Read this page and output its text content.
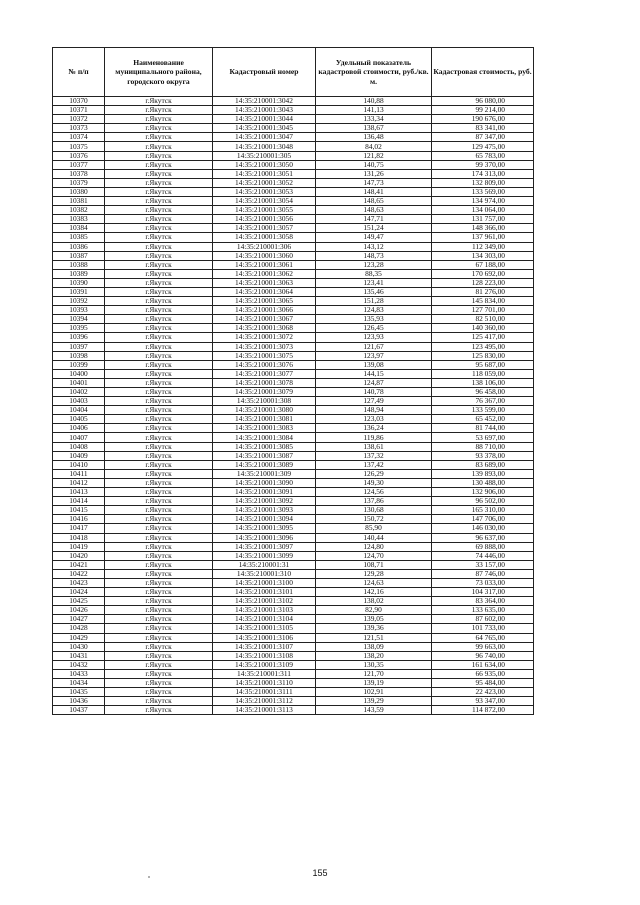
№ п/п	Наименование муниципального района, городского округа	Кадастровый номер	Удельный показатель кадастровой стоимости, руб./кв. м.	Кадастровая стоимость, руб.
10370	г.Якутск	14:35:210001:3042	140,88	96 080,00
10371	г.Якутск	14:35:210001:3043	141,13	99 214,00
10372	г.Якутск	14:35:210001:3044	133,34	190 676,00
10373	г.Якутск	14:35:210001:3045	138,67	83 341,00
10374	г.Якутск	14:35:210001:3047	136,48	87 347,00
10375	г.Якутск	14:35:210001:3048	84,02	129 475,00
10376	г.Якутск	14:35:210001:305	121,82	65 783,00
10377	г.Якутск	14:35:210001:3050	140,75	99 370,00
10378	г.Якутск	14:35:210001:3051	131,26	174 313,00
10379	г.Якутск	14:35:210001:3052	147,73	132 809,00
10380	г.Якутск	14:35:210001:3053	148,41	133 569,00
10381	г.Якутск	14:35:210001:3054	148,65	134 974,00
10382	г.Якутск	14:35:210001:3055	148,63	134 064,00
10383	г.Якутск	14:35:210001:3056	147,71	131 757,00
10384	г.Якутск	14:35:210001:3057	151,24	148 366,00
10385	г.Якутск	14:35:210001:3058	149,47	137 961,00
10386	г.Якутск	14:35:210001:306	143,12	112 349,00
10387	г.Якутск	14:35:210001:3060	148,73	134 303,00
10388	г.Якутск	14:35:210001:3061	123,28	67 188,00
10389	г.Якутск	14:35:210001:3062	88,35	170 692,00
10390	г.Якутск	14:35:210001:3063	123,41	128 223,00
10391	г.Якутск	14:35:210001:3064	135,46	81 276,00
10392	г.Якутск	14:35:210001:3065	151,28	145 834,00
10393	г.Якутск	14:35:210001:3066	124,83	127 701,00
10394	г.Якутск	14:35:210001:3067	135,93	82 510,00
10395	г.Якутск	14:35:210001:3068	126,45	140 360,00
10396	г.Якутск	14:35:210001:3072	123,93	125 417,00
10397	г.Якутск	14:35:210001:3073	121,67	123 495,00
10398	г.Якутск	14:35:210001:3075	123,97	125 830,00
10399	г.Якутск	14:35:210001:3076	139,08	95 687,00
10400	г.Якутск	14:35:210001:3077	144,15	118 059,00
10401	г.Якутск	14:35:210001:3078	124,87	138 106,00
10402	г.Якутск	14:35:210001:3079	140,78	96 458,00
10403	г.Якутск	14:35:210001:308	127,49	76 367,00
10404	г.Якутск	14:35:210001:3080	148,94	133 599,00
10405	г.Якутск	14:35:210001:3081	123,03	65 452,00
10406	г.Якутск	14:35:210001:3083	136,24	81 744,00
10407	г.Якутск	14:35:210001:3084	119,86	53 697,00
10408	г.Якутск	14:35:210001:3085	138,61	88 710,00
10409	г.Якутск	14:35:210001:3087	137,32	93 378,00
10410	г.Якутск	14:35:210001:3089	137,42	83 689,00
10411	г.Якутск	14:35:210001:309	126,29	139 893,00
10412	г.Якутск	14:35:210001:3090	149,30	130 488,00
10413	г.Якутск	14:35:210001:3091	124,56	132 906,00
10414	г.Якутск	14:35:210001:3092	137,86	96 502,00
10415	г.Якутск	14:35:210001:3093	130,68	165 310,00
10416	г.Якутск	14:35:210001:3094	150,72	147 706,00
10417	г.Якутск	14:35:210001:3095	85,90	146 030,00
10418	г.Якутск	14:35:210001:3096	140,44	96 637,00
10419	г.Якутск	14:35:210001:3097	124,80	69 888,00
10420	г.Якутск	14:35:210001:3099	124,70	74 446,00
10421	г.Якутск	14:35:210001:31	108,71	33 157,00
10422	г.Якутск	14:35:210001:310	129,28	87 746,00
10423	г.Якутск	14:35:210001:3100	124,63	73 033,00
10424	г.Якутск	14:35:210001:3101	142,16	104 317,00
10425	г.Якутск	14:35:210001:3102	138,02	83 364,00
10426	г.Якутск	14:35:210001:3103	82,90	133 635,00
10427	г.Якутск	14:35:210001:3104	139,05	87 602,00
10428	г.Якутск	14:35:210001:3105	139,36	101 733,00
10429	г.Якутск	14:35:210001:3106	121,51	64 765,00
10430	г.Якутск	14:35:210001:3107	138,09	99 663,00
10431	г.Якутск	14:35:210001:3108	138,20	96 740,00
10432	г.Якутск	14:35:210001:3109	130,35	161 634,00
10433	г.Якутск	14:35:210001:311	121,70	66 935,00
10434	г.Якутск	14:35:210001:3110	139,19	95 484,00
10435	г.Якутск	14:35:210001:3111	102,91	22 423,00
10436	г.Якутск	14:35:210001:3112	139,29	93 347,00
10437	г.Якутск	14:35:210001:3113	143,59	114 872,00
155
